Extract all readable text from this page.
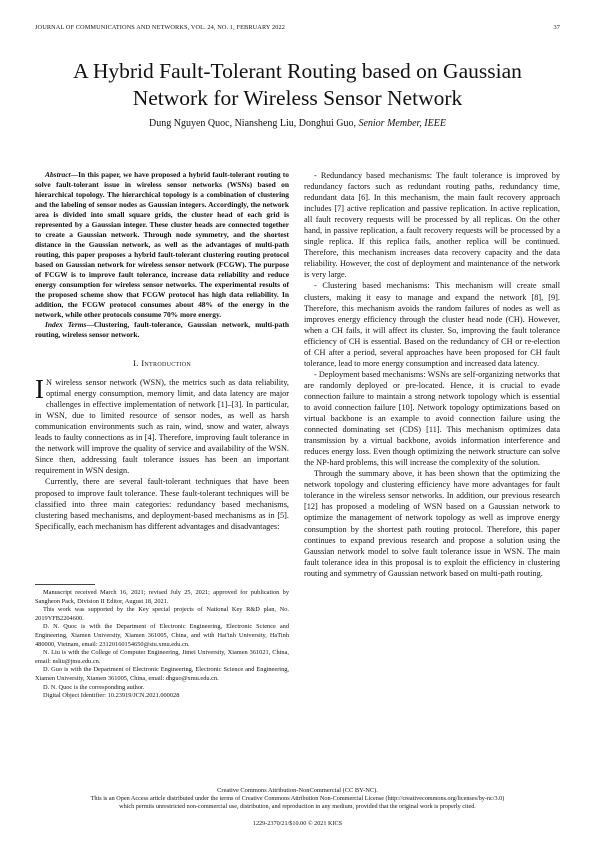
JOURNAL OF COMMUNICATIONS AND NETWORKS, VOL. 24, NO. 1, FEBRUARY 2022	37
A Hybrid Fault-Tolerant Routing based on Gaussian
Network for Wireless Sensor Network
Dung Nguyen Quoc, Niansheng Liu, Donghui Guo, Senior Member, IEEE

Abstract—In this paper, we have proposed a hybrid fault-tolerant routing to solve fault-tolerant issue in wireless sensor networks (WSNs) based on hierarchical topology. The hierarchical topology is a combination of clustering and the labeling of sensor nodes as Gaussian integers. Accordingly, the network area is divided into small square grids, the cluster head of each grid is represented by a Gaussian integer. These cluster heads are connected together to create a Gaussian network. Through node symmetry, and the shortest distance in the Gaussian network, as well as the advantages of multi-path routing, this paper proposes a hybrid fault-tolerant clustering routing protocol based on Gaussian network for wireless sensor network (FCGW). The purpose of FCGW is to improve fault tolerance, increase data reliability and reduce energy consumption for wireless sensor networks. The experimental results of the proposed scheme show that FCGW protocol has high data reliability. In addition, the FCGW protocol consumes about 48% of the energy in the network, while other protocols consume 70% more energy.

Index Terms—Clustering, fault-tolerance, Gaussian network, multi-path routing, wireless sensor network.

I. Introduction

I N wireless sensor network (WSN), the metrics such as data reliability, optimal energy consumption, memory limit, and data latency are major challenges in effective implementation of network [1]–[3]. In particular, in WSN, due to limited resource of sensor nodes, as well as harsh communication environments such as rain, wind, snow and water, always leads to faulty connections as in [4]. Therefore, improving fault tolerance in the network will improve the quality of service and availability of the WSN. Since then, addressing fault tolerance issues has been an important requirement in WSN design.

Currently, there are several fault-tolerant techniques that have been proposed to improve fault tolerance. These fault-tolerant techniques will be classified into three main categories: redundancy based mechanisms, clustering based mechanisms, and deployment-based mechanisms as in [5]. Specifically, each mechanism has different advantages and disadvantages:

Manuscript received March 16, 2021; revised July 25, 2021; approved for publication by Sangheon Pack, Division II Editor, August 18, 2021.

This work was supported by the Key special projects of National Key R&D plan, No. 2019YFB2204600.

D. N. Quoc is with the Department of Electronic Engineering, Electronic Science and Engineering, Xiamen University, Xiamen 361005, China, and with Hai'inh University, HaTinh 480000, Vietnam, email: 23120160154650@stu.xmu.edu.cn.

N. Liu is with the College of Computer Engineering, Jimei University, Xiamen 361021, China, email: nsliu@jmu.edu.cn.

D. Guo is with the Department of Electronic Engineering, Electronic Science and Engineering, Xiamen University, Xiamen 361005, China, email: dhguo@xmu.edu.cn.

D. N. Quoc is the corresponding author.

Digital Object Identifier: 10.23919/JCN.2021.000028

- Redundancy based mechanisms: The fault tolerance is improved by redundancy factors such as redundant routing paths, redundancy time, redundant data [6]. In this mechanism, the main fault recovery approach includes [7] active replication and passive replication. In active replication, all fault recovery requests will be processed by all replicas. On the other hand, in passive replication, a fault recovery requests will be processed by a single replica. If this replica fails, another replica will be continued. Therefore, this mechanism increases data recovery capacity and the data reliability. However, the cost of deployment and maintenance of the network is very large.

- Clustering based mechanisms: This mechanism will create small clusters, making it easy to manage and expand the network [8], [9]. Therefore, this mechanism avoids the random failures of nodes as well as improves energy efficiency through the cluster head node (CH). However, when a CH fails, it will affect its cluster. So, improving the fault tolerance efficiency of CH is essential. Based on the redundancy of CH or re-election of CH after a period, several approaches have been proposed for CH fault tolerance, lead to more energy consumption and increased data latency.

- Deployment based mechanisms: WSNs are self-organizing networks that are randomly deployed or pre-located. Hence, it is crucial to evade connection failure to maintain a strong network topology which is essential to avoid connection failure [10]. Network topology optimizations based on virtual backbone is an example to avoid connection failure using the connected dominating set (CDS) [11]. This mechanism optimizes data transmission by a virtual backbone, avoids information interference and reduces energy loss. Even though optimizing the network structure can solve the NP-hard problems, this will increase the complexity of the solution.

Through the summary above, it has been shown that the optimizing the network topology and clustering efficiency have more advantages for fault tolerance in the wireless sensor networks. In addition, our previous research [12] has proposed a modeling of WSN based on a Gaussian network to optimize the management of network topology as well as improve energy consumption by the shortest path routing protocol. Therefore, this paper continues to expand previous research and propose a solution using the Gaussian network model to solve fault tolerance issue in WSN. The main fault tolerance idea in this proposal is to exploit the efficiency in clustering routing and symmetry of Gaussian network based on multi-path routing.

Creative Commons Attribution-NonCommercial (CC BY-NC).
This is an Open Access article distributed under the terms of Creative Commons Attribution Non-Commercial License (http://creativecommons.org/licenses/by-nc/3.0)
which permits unrestricted non-commercial use, distribution, and reproduction in any medium, provided that the original work is properly cited.
1229-2370/21/$10.00 © 2021 KICS
